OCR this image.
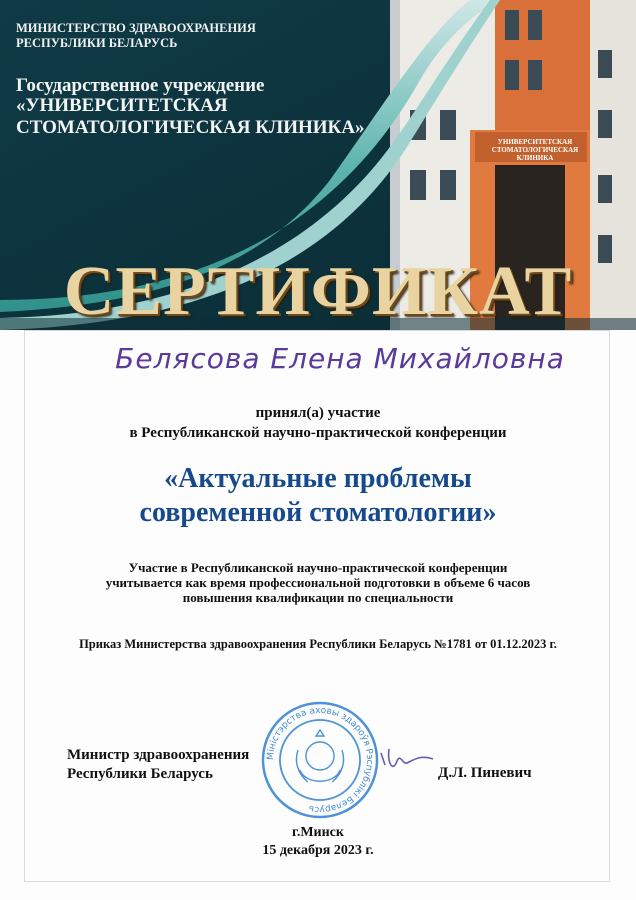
УНИВЕРСИТЕТСКАЯ
СТОМАТОЛОГИЧЕСКАЯ
КЛИНИКА
МИНИСТЕРСТВО ЗДРАВООХРАНЕНИЯ
РЕСПУБЛИКИ БЕЛАРУСЬ
Государственное учреждение
«УНИВЕРСИТЕТСКАЯ
СТОМАТОЛОГИЧЕСКАЯ КЛИНИКА»
СЕРТИФИКАТ
Белясова Елена Михайловна
принял(а) участие
в Республиканской научно-практической конференции
«Актуальные проблемы
современной стоматологии»
Участие в Республиканской научно-практической конференции
учитывается как время профессиональной подготовки в объеме 6 часов
повышения квалификации по специальности
Приказ Министерства здравоохранения Республики Беларусь №1781 от 01.12.2023 г.
Міністэрства аховы здароўя Рэспублікі Беларусь
Министр здравоохранения
Республики Беларусь	Д.Л. Пиневич
г.Минск
15 декабря 2023 г.
